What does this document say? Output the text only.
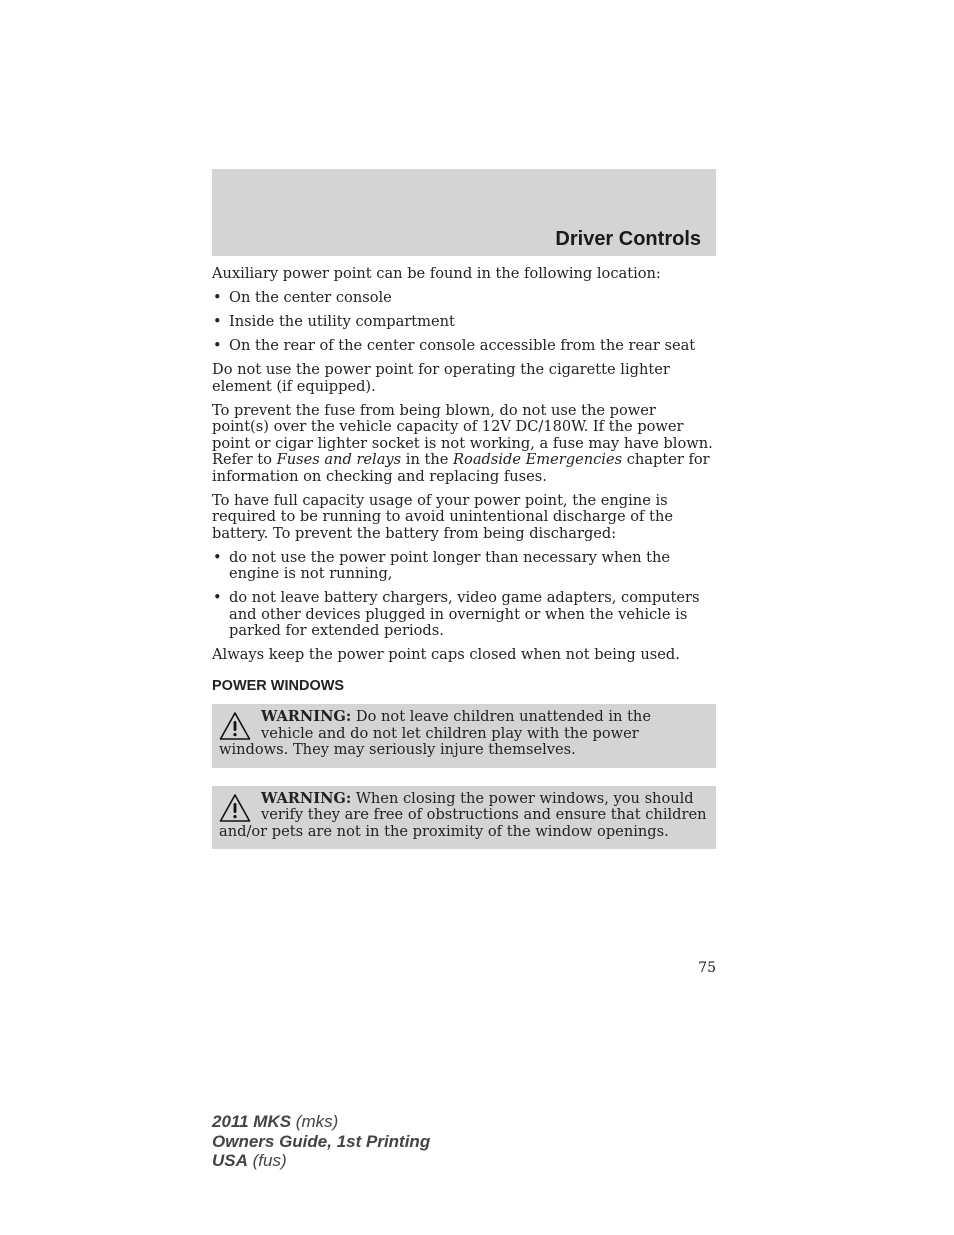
Driver Controls

Auxiliary power point can be found in the following location:

• On the center console
• Inside the utility compartment
• On the rear of the center console accessible from the rear seat

Do not use the power point for operating the cigarette lighter element (if equipped).

To prevent the fuse from being blown, do not use the power point(s) over the vehicle capacity of 12V DC/180W. If the power point or cigar lighter socket is not working, a fuse may have blown. Refer to Fuses and relays in the Roadside Emergencies chapter for information on checking and replacing fuses.

To have full capacity usage of your power point, the engine is required to be running to avoid unintentional discharge of the battery. To prevent the battery from being discharged:

• do not use the power point longer than necessary when the engine is not running,
• do not leave battery chargers, video game adapters, computers and other devices plugged in overnight or when the vehicle is parked for extended periods.

Always keep the power point caps closed when not being used.

POWER WINDOWS
WARNING: Do not leave children unattended in the vehicle and do not let children play with the power windows. They may seriously injure themselves.
WARNING: When closing the power windows, you should verify they are free of obstructions and ensure that children and/or pets are not in the proximity of the window openings.
75
2011 MKS (mks)
Owners Guide, 1st Printing
USA (fus)
